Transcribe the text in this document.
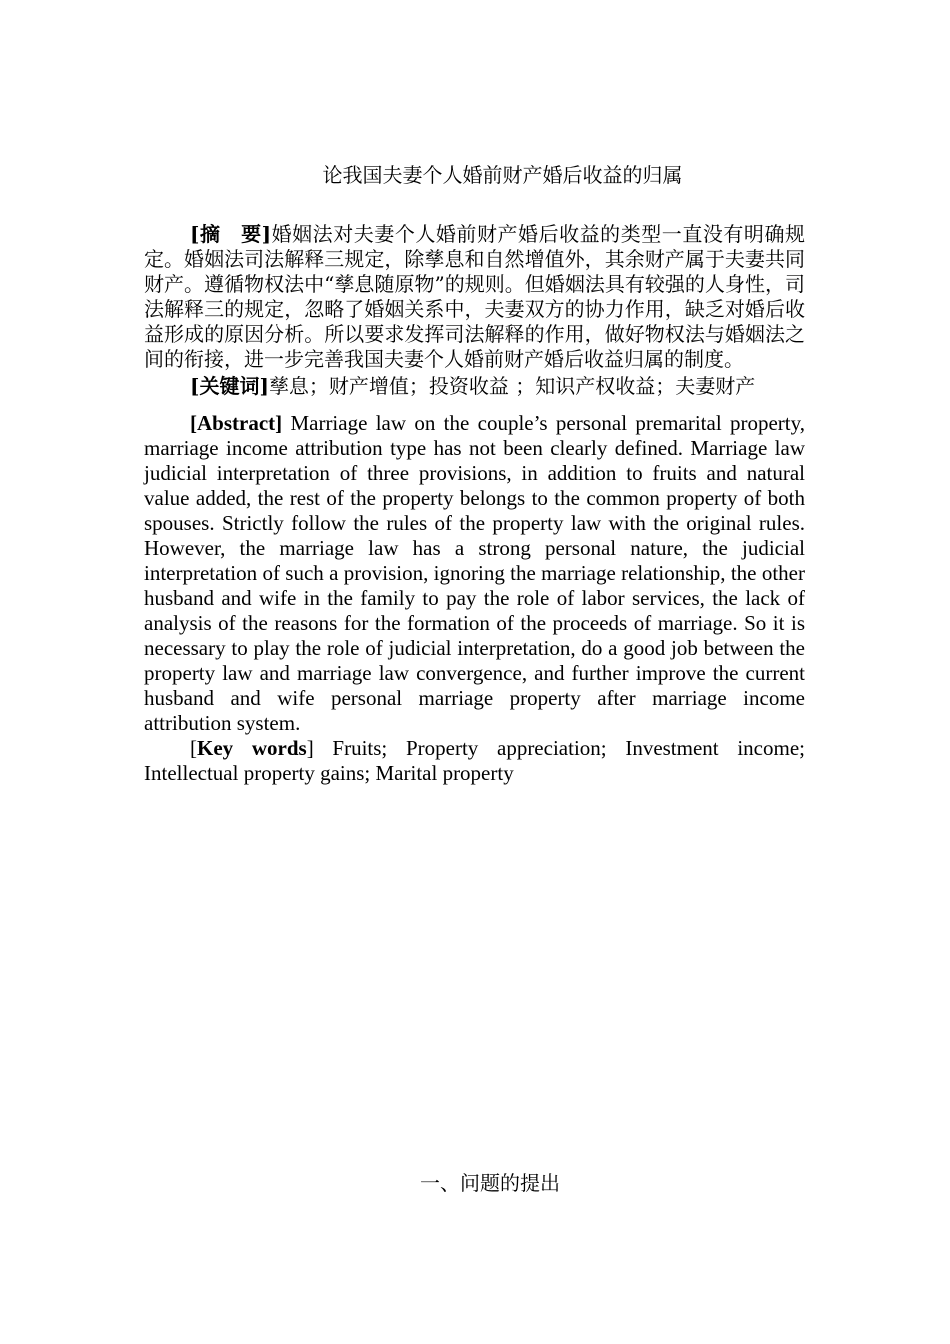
论我国夫妻个人婚前财产婚后收益的归属

[摘　要]婚姻法对夫妻个人婚前财产婚后收益的类型一直没有明确规定。婚姻法司法解释三规定，除孳息和自然增值外，其余财产属于夫妻共同财产。遵循物权法中“孳息随原物”的规则。但婚姻法具有较强的人身性，司法解释三的规定，忽略了婚姻关系中，夫妻双方的协力作用，缺乏对婚后收益形成的原因分析。所以要求发挥司法解释的作用，做好物权法与婚姻法之间的衔接，进一步完善我国夫妻个人婚前财产婚后收益归属的制度。

[关键词]孳息；财产增值；投资收益 ；知识产权收益；夫妻财产

[Abstract] Marriage law on the couple’s personal premarital property, marriage income attribution type has not been clearly defined. Marriage law judicial interpretation of three provisions, in addition to fruits and natural value added, the rest of the property belongs to the common property of both spouses. Strictly follow the rules of the property law with the original rules. However, the marriage law has a strong personal nature, the judicial interpretation of such a provision, ignoring the marriage relationship, the other husband and wife in the family to pay the role of labor services, the lack of analysis of the reasons for the formation of the proceeds of marriage. So it is necessary to play the role of judicial interpretation, do a good job between the property law and marriage law convergence, and further improve the current husband and wife personal marriage property after marriage income attribution system.

[Key words] Fruits; Property appreciation; Investment income; Intellectual property gains; Marital property

一、问题的提出
